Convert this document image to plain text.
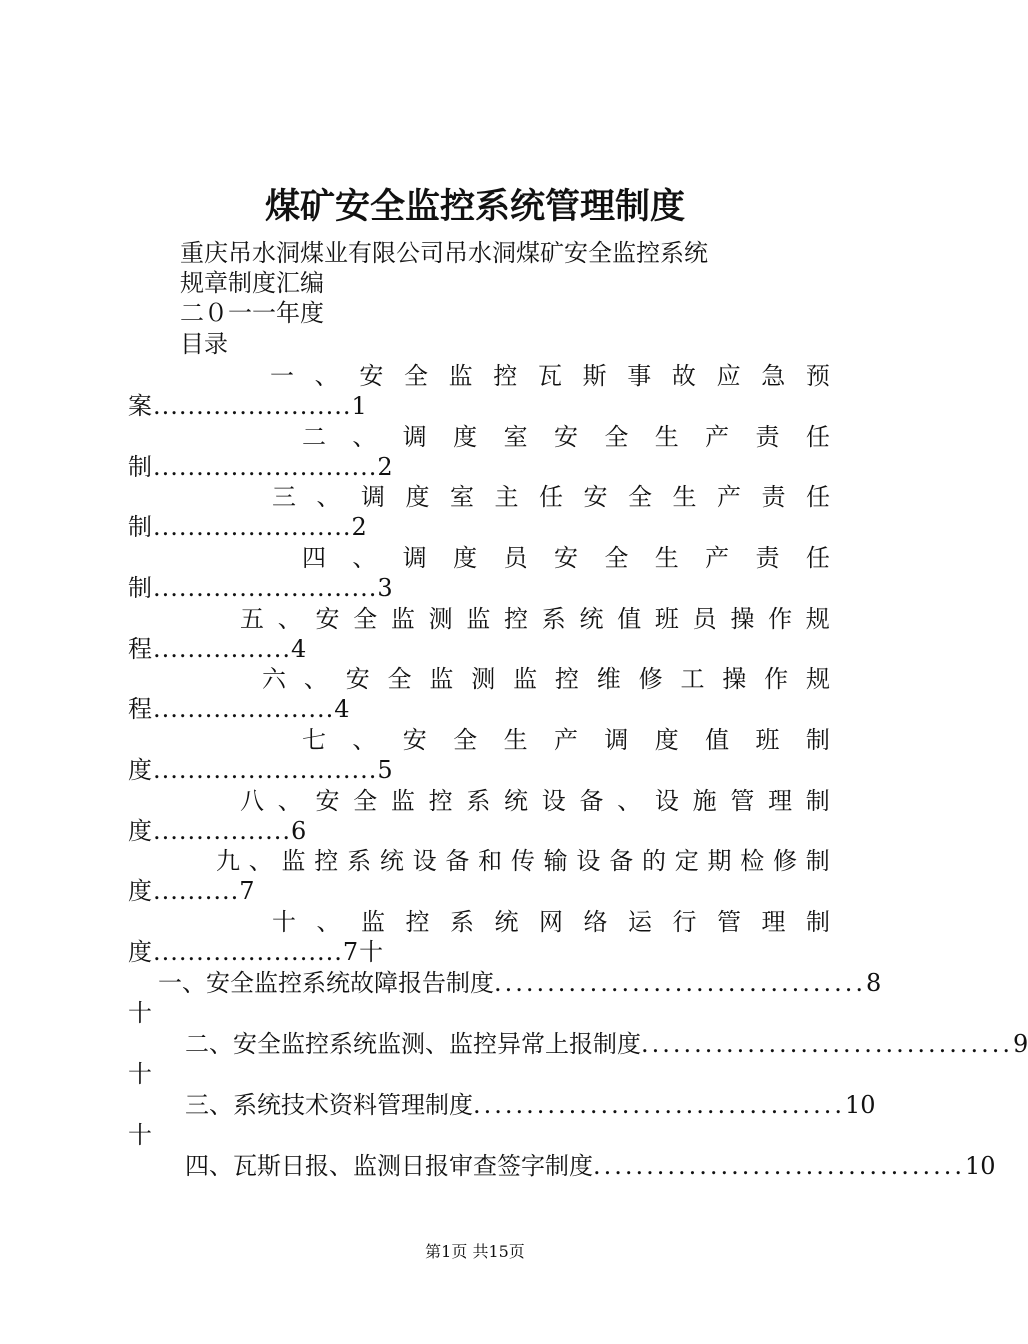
煤矿安全监控系统管理制度
重庆吊水洞煤业有限公司吊水洞煤矿安全监控系统
规章制度汇编
二０一一年度
目录
一 、 安 全 监 控 瓦 斯 事 故 应 急 预
案.......................1
二 、 调 度 室 安 全 生 产 责 任
制..........................2
三 、 调 度 室 主 任 安 全 生 产 责 任
制.......................2
四 、 调 度 员 安 全 生 产 责 任
制..........................3
五 、 安 全 监 测 监 控 系 统 值 班 员 操 作 规
程................4
六 、 安 全 监 测 监 控 维 修 工 操 作 规
程.....................4
七 、 安 全 生 产 调 度 值 班 制
度..........................5
八 、 安 全 监 控 系 统 设 备 、 设 施 管 理 制
度................6
九 、 监 控 系 统 设 备 和 传 输 设 备 的 定 期 检 修 制
度..........7
十 、 监 控 系 统 网 络 运 行 管 理 制
度......................7十
一、安全监控系统故障报告制度 ................................... 8
十
二、安全监控系统监测、监控异常上报制度 ................................... 9
十
三、系统技术资料管理制度 ................................... 10
十
四、瓦斯日报、监测日报审查签字制度 ................................... 10
第1页 共15页
